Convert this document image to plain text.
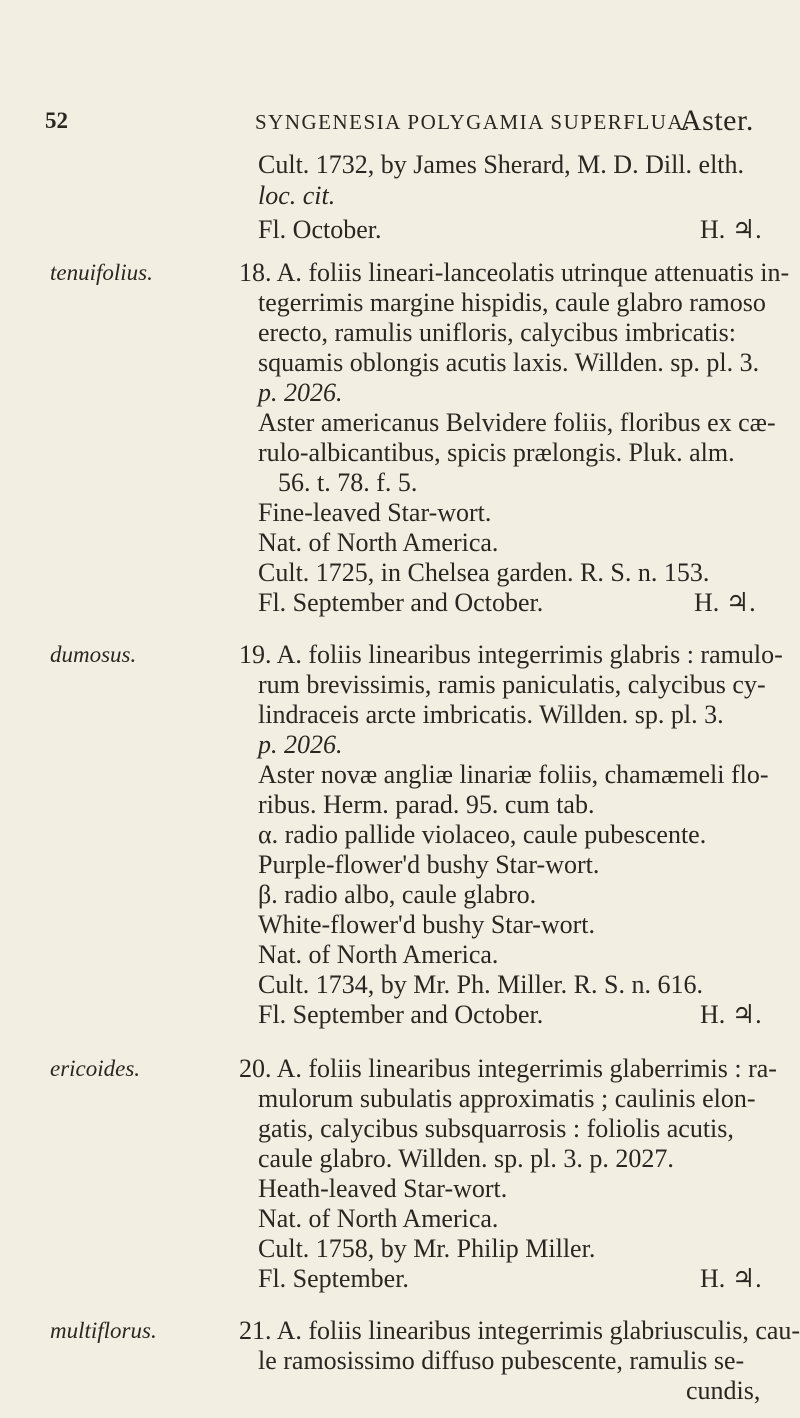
52	SYNGENESIA POLYGAMIA SUPERFLUA.
Aster.
Cult. 1732, by James Sherard, M. D. Dill. elth.
loc. cit.
Fl. October.	H. ♃.
tenuifolius.	18. A. foliis lineari-lanceolatis utrinque attenuatis in-
tegerrimis margine hispidis, caule glabro ramoso
erecto, ramulis unifloris, calycibus imbricatis:
squamis oblongis acutis laxis. Willden. sp. pl. 3.
p. 2026.
Aster americanus Belvidere foliis, floribus ex cæ-
rulo-albicantibus, spicis prælongis. Pluk. alm.
56. t. 78. f. 5.
Fine-leaved Star-wort.
Nat. of North America.
Cult. 1725, in Chelsea garden. R. S. n. 153.
Fl. September and October.	H. ♃.
dumosus.	19. A. foliis linearibus integerrimis glabris : ramulo-
rum brevissimis, ramis paniculatis, calycibus cy-
lindraceis arcte imbricatis. Willden. sp. pl. 3.
p. 2026.
Aster novæ angliæ linariæ foliis, chamæmeli flo-
ribus. Herm. parad. 95. cum tab.
α. radio pallide violaceo, caule pubescente.
Purple-flower'd bushy Star-wort.
β. radio albo, caule glabro.
White-flower'd bushy Star-wort.
Nat. of North America.
Cult. 1734, by Mr. Ph. Miller. R. S. n. 616.
Fl. September and October.	H. ♃.
ericoides.	20. A. foliis linearibus integerrimis glaberrimis : ra-
mulorum subulatis approximatis ; caulinis elon-
gatis, calycibus subsquarrosis : foliolis acutis,
caule glabro. Willden. sp. pl. 3. p. 2027.
Heath-leaved Star-wort.
Nat. of North America.
Cult. 1758, by Mr. Philip Miller.
Fl. September.	H. ♃.
multiflorus.	21. A. foliis linearibus integerrimis glabriusculis, cau-
le ramosissimo diffuso pubescente, ramulis se-
cundis,
